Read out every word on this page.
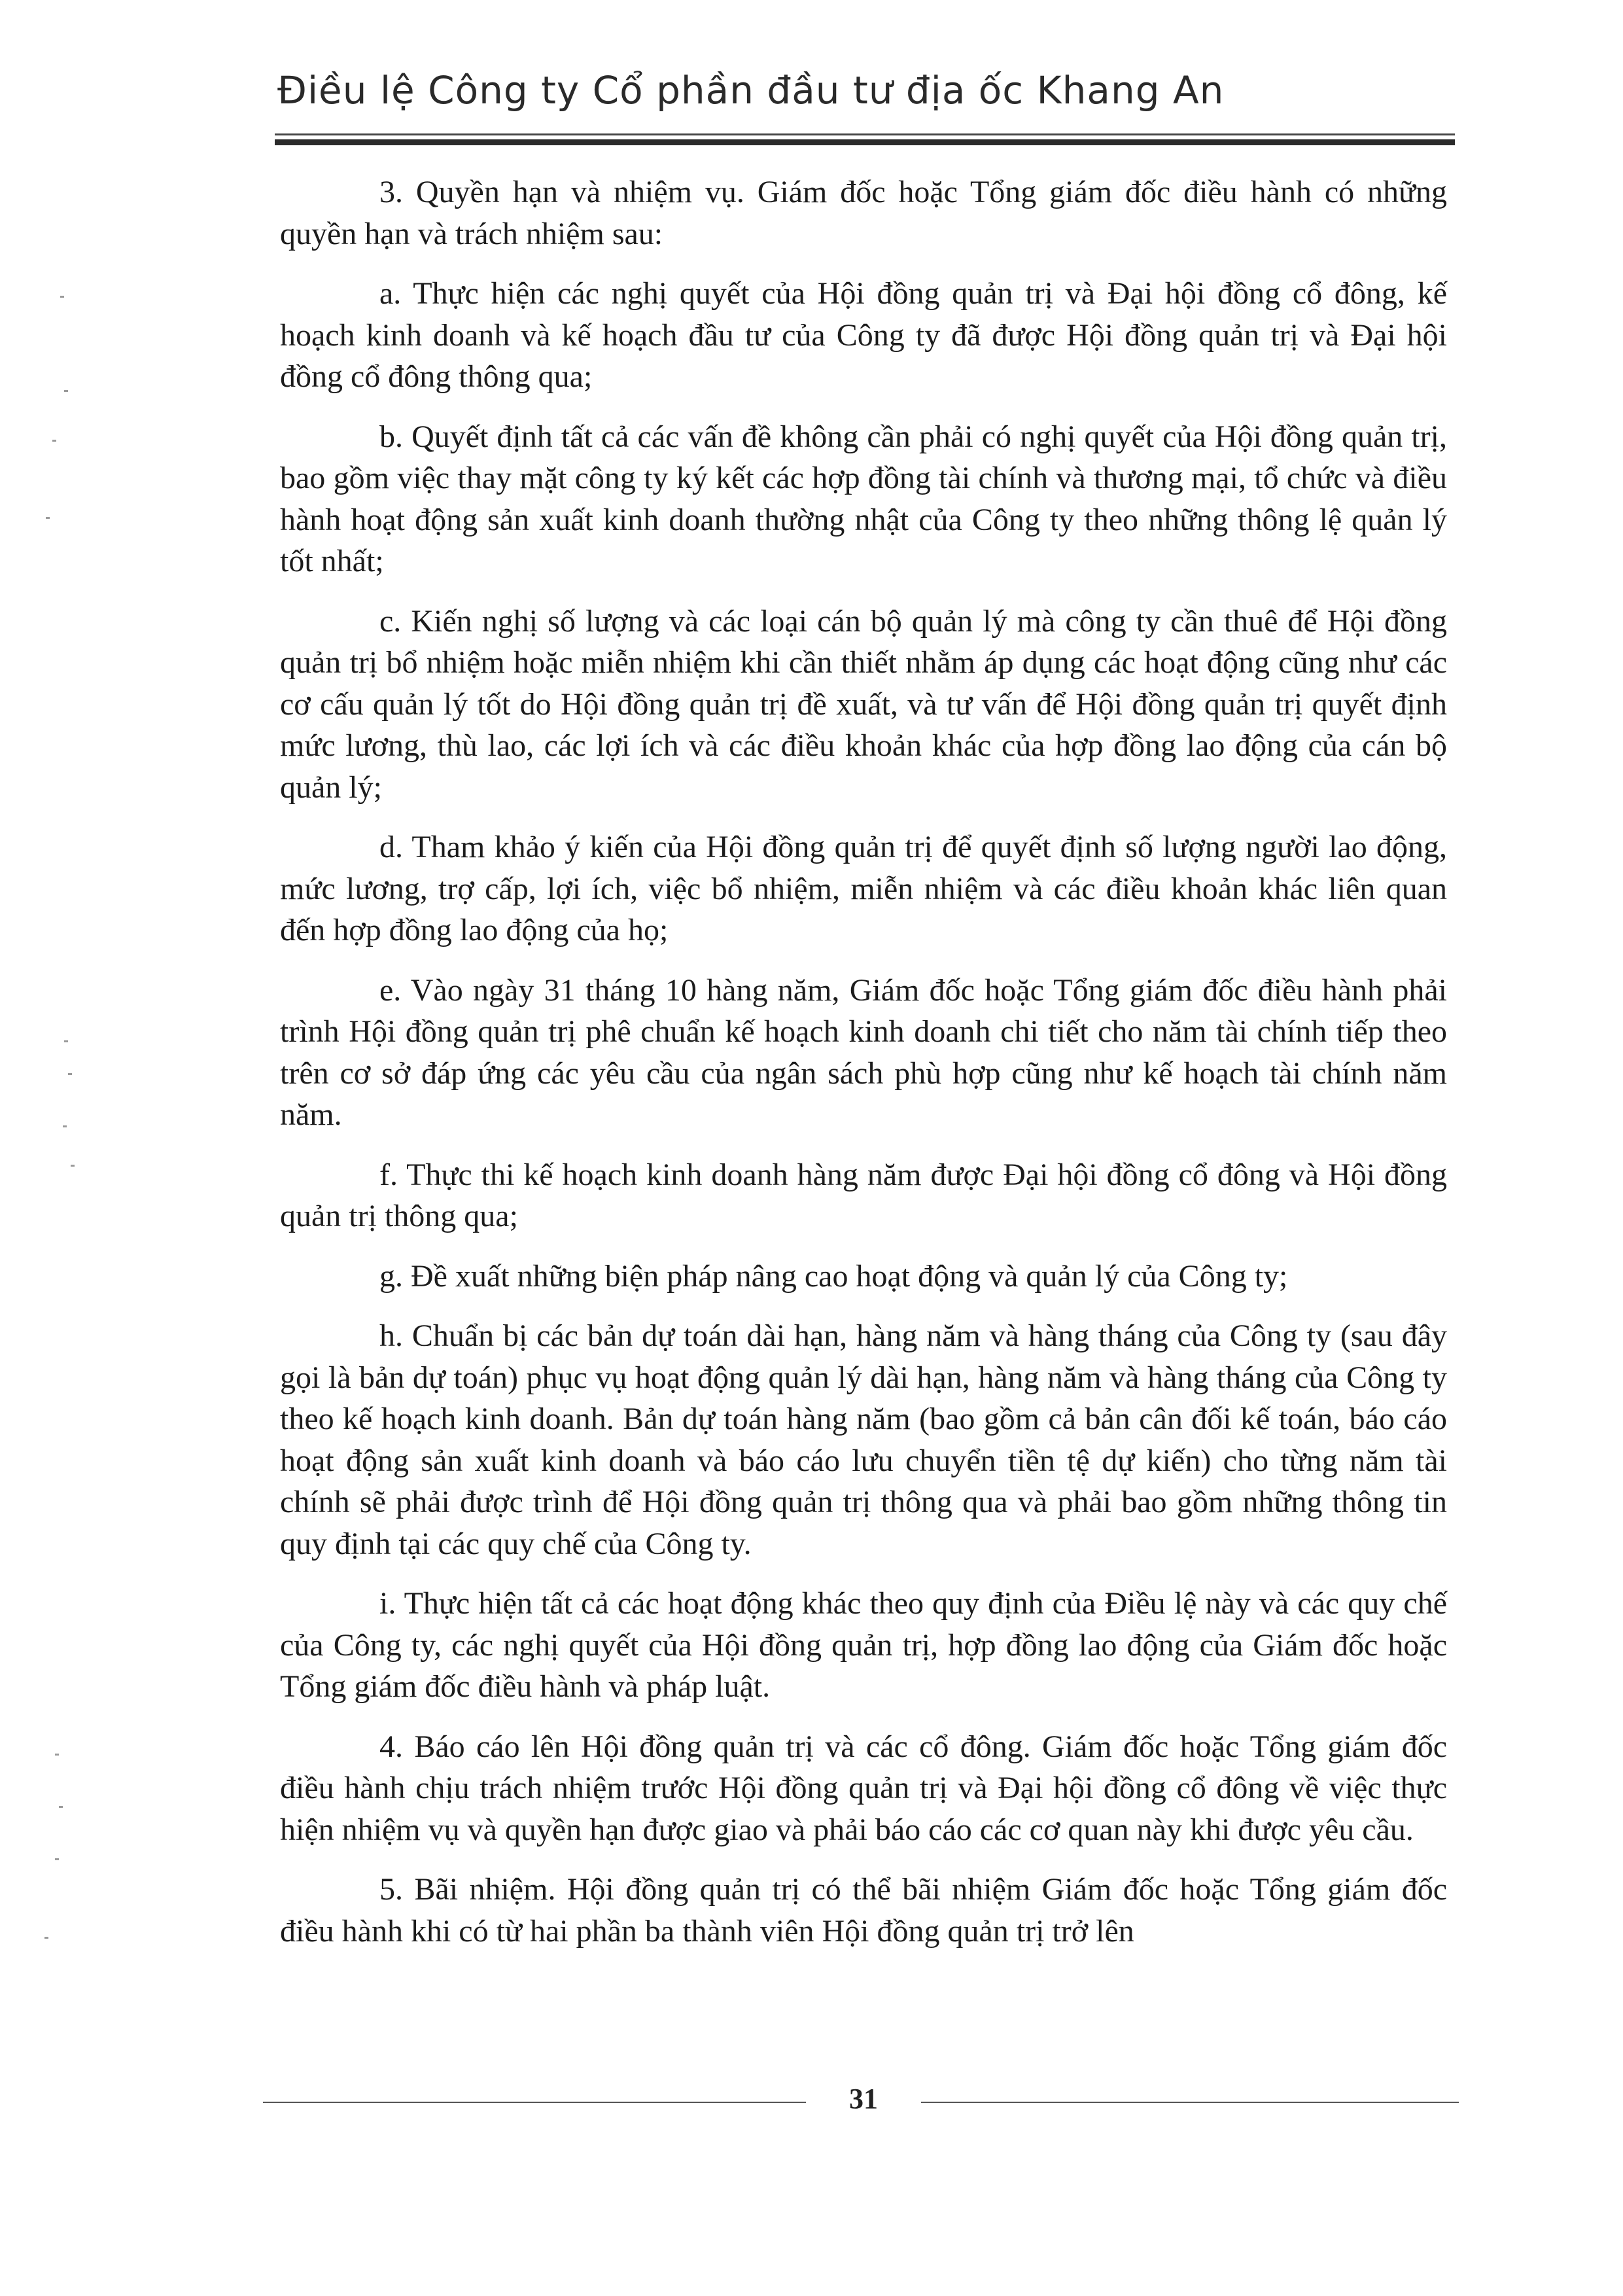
Điều lệ Công ty Cổ phần đầu tư địa ốc Khang An

3. Quyền hạn và nhiệm vụ. Giám đốc hoặc Tổng giám đốc điều hành có những quyền hạn và trách nhiệm sau:

a. Thực hiện các nghị quyết của Hội đồng quản trị và Đại hội đồng cổ đông, kế hoạch kinh doanh và kế hoạch đầu tư của Công ty đã được Hội đồng quản trị và Đại hội đồng cổ đông thông qua;

b. Quyết định tất cả các vấn đề không cần phải có nghị quyết của Hội đồng quản trị, bao gồm việc thay mặt công ty ký kết các hợp đồng tài chính và thương mại, tổ chức và điều hành hoạt động sản xuất kinh doanh thường nhật của Công ty theo những thông lệ quản lý tốt nhất;

c. Kiến nghị số lượng và các loại cán bộ quản lý mà công ty cần thuê để Hội đồng quản trị bổ nhiệm hoặc miễn nhiệm khi cần thiết nhằm áp dụng các hoạt động cũng như các cơ cấu quản lý tốt do Hội đồng quản trị đề xuất, và tư vấn để Hội đồng quản trị quyết định mức lương, thù lao, các lợi ích và các điều khoản khác của hợp đồng lao động của cán bộ quản lý;

d. Tham khảo ý kiến của Hội đồng quản trị để quyết định số lượng người lao động, mức lương, trợ cấp, lợi ích, việc bổ nhiệm, miễn nhiệm và các điều khoản khác liên quan đến hợp đồng lao động của họ;

e. Vào ngày 31 tháng 10 hàng năm, Giám đốc hoặc Tổng giám đốc điều hành phải trình Hội đồng quản trị phê chuẩn kế hoạch kinh doanh chi tiết cho năm tài chính tiếp theo trên cơ sở đáp ứng các yêu cầu của ngân sách phù hợp cũng như kế hoạch tài chính năm năm.

f. Thực thi kế hoạch kinh doanh hàng năm được Đại hội đồng cổ đông và Hội đồng quản trị thông qua;

g. Đề xuất những biện pháp nâng cao hoạt động và quản lý của Công ty;

h. Chuẩn bị các bản dự toán dài hạn, hàng năm và hàng tháng của Công ty (sau đây gọi là bản dự toán) phục vụ hoạt động quản lý dài hạn, hàng năm và hàng tháng của Công ty theo kế hoạch kinh doanh. Bản dự toán hàng năm (bao gồm cả bản cân đối kế toán, báo cáo hoạt động sản xuất kinh doanh và báo cáo lưu chuyển tiền tệ dự kiến) cho từng năm tài chính sẽ phải được trình để Hội đồng quản trị thông qua và phải bao gồm những thông tin quy định tại các quy chế của Công ty.

i. Thực hiện tất cả các hoạt động khác theo quy định của Điều lệ này và các quy chế của Công ty, các nghị quyết của Hội đồng quản trị, hợp đồng lao động của Giám đốc hoặc Tổng giám đốc điều hành và pháp luật.

4. Báo cáo lên Hội đồng quản trị và các cổ đông. Giám đốc hoặc Tổng giám đốc điều hành chịu trách nhiệm trước Hội đồng quản trị và Đại hội đồng cổ đông về việc thực hiện nhiệm vụ và quyền hạn được giao và phải báo cáo các cơ quan này khi được yêu cầu.

5. Bãi nhiệm. Hội đồng quản trị có thể bãi nhiệm Giám đốc hoặc Tổng giám đốc điều hành khi có từ hai phần ba thành viên Hội đồng quản trị trở lên

31
